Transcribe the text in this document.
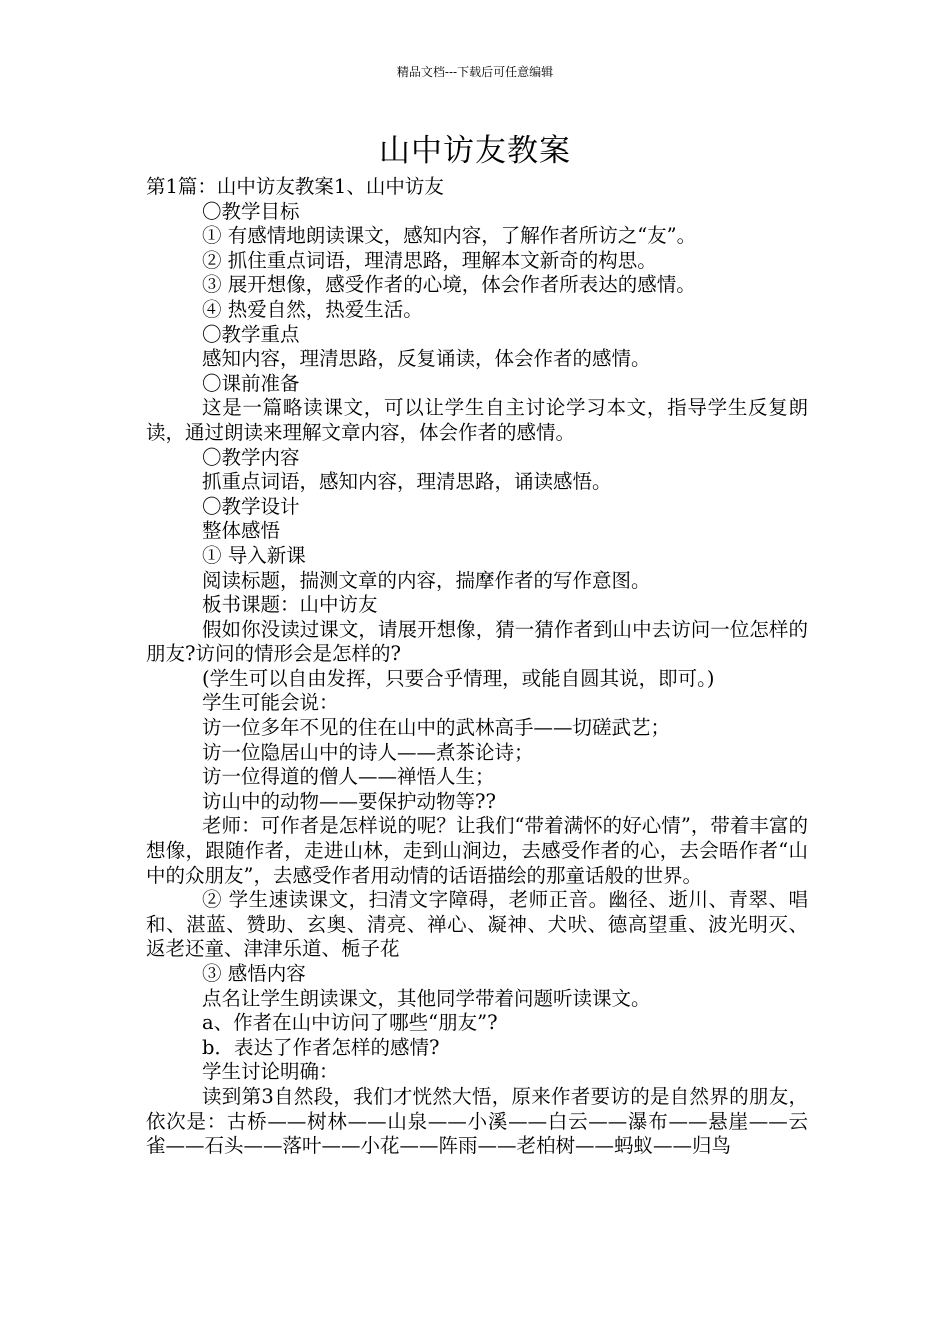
精品文档---下载后可任意编辑
山中访友教案

第1篇：山中访友教案1、山中访友

〇教学目标

① 有感情地朗读课文，感知内容，了解作者所访之“友”。

② 抓住重点词语，理清思路，理解本文新奇的构思。

③ 展开想像，感受作者的心境，体会作者所表达的感情。

④ 热爱自然，热爱生活。

〇教学重点

感知内容，理清思路，反复诵读，体会作者的感情。

〇课前准备

这是一篇略读课文，可以让学生自主讨论学习本文，指导学生反复朗读，通过朗读来理解文章内容，体会作者的感情。

〇教学内容

抓重点词语，感知内容，理清思路，诵读感悟。

〇教学设计

整体感悟

① 导入新课

阅读标题，揣测文章的内容，揣摩作者的写作意图。

板书课题：山中访友

假如你没读过课文，请展开想像，猜一猜作者到山中去访问一位怎样的朋友?访问的情形会是怎样的?

(学生可以自由发挥，只要合乎情理，或能自圆其说，即可。)

学生可能会说：

访一位多年不见的住在山中的武林高手——切磋武艺；

访一位隐居山中的诗人——煮茶论诗；

访一位得道的僧人——禅悟人生；

访山中的动物——要保护动物等??

老师：可作者是怎样说的呢？让我们“带着满怀的好心情”，带着丰富的想像，跟随作者，走进山林，走到山涧边，去感受作者的心，去会晤作者“山中的众朋友”，去感受作者用动情的话语描绘的那童话般的世界。

② 学生速读课文，扫清文字障碍，老师正音。幽径、逝川、青翠、唱和、湛蓝、赞助、玄奥、清亮、禅心、凝神、犬吠、德高望重、波光明灭、返老还童、津津乐道、栀子花

③ 感悟内容

点名让学生朗读课文，其他同学带着问题听读课文。

a、作者在山中访问了哪些“朋友”?

b．表达了作者怎样的感情?

学生讨论明确：

读到第3自然段，我们才恍然大悟，原来作者要访的是自然界的朋友，依次是：古桥——树林——山泉——小溪——白云——瀑布——悬崖——云雀——石头——落叶——小花——阵雨——老柏树——蚂蚁——归鸟
